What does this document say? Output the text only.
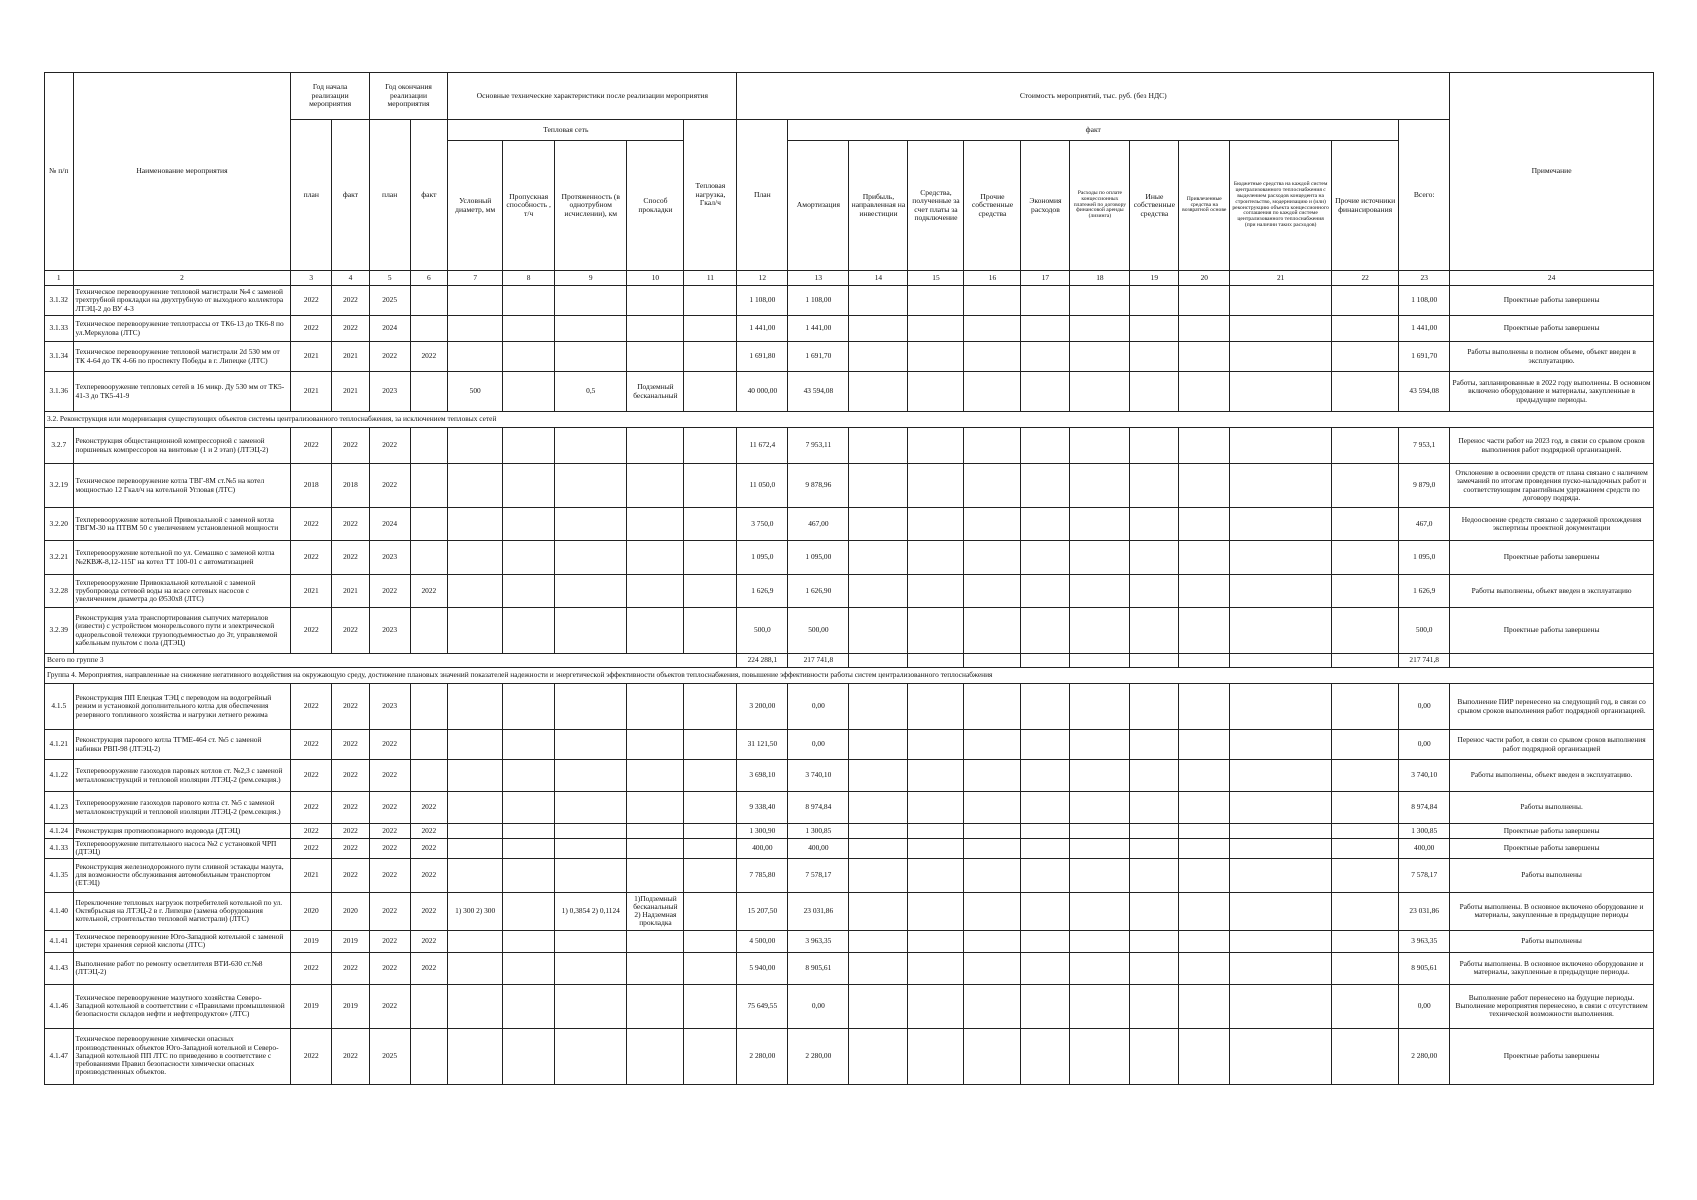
№ п/п	Наименование мероприятия	Год начала реализации мероприятия		Год окончания реализации мероприятия		Основные технические характеристики после реализации мероприятия					Стоимость мероприятий, тыс. руб. (без НДС)												Примечание
		план	факт	план	факт	Тепловая сеть				Тепловая нагрузка, Гкал/ч	План	факт										Всего:	
						Условный диаметр, мм	Пропускная способность , т/ч	Протяженность (в однотрубном исчислении), км	Способ прокладки			Амортизация	Прибыль, направленная на инвестиции	Средства, полученные за счет платы за подключение	Прочие собственные средства	Экономия расходов	Расходы по оплате концессионных платежей по договору финансовой аренды (лизинга)	Иные собственные средства	Привлеченные средства на возвратной основе	Бюджетные средства на каждой систем централизованного теплоснабжения с выделением расходов концедента на строительство, модернизацию и (или) реконструкцию объекта концессионного соглашения по каждой системе централизованного теплоснабжения (при наличии таких расходов)	Прочие источники финансирования		
1	2	3	4	5	6	7	8	9	10	11	12	13	14	15	16	17	18	19	20	21	22	23	24
3.1.32	Техническое перевооружение тепловой магистрали №4 с заменой трехтрубной прокладки на двухтрубную от выходного коллектора ЛТЭЦ-2 до ВУ 4-3	2022	2022	2025							1 108,00	1 108,00										1 108,00	Проектные работы завершены
3.1.33	Техническое перевооружение теплотрассы от ТК6-13 до ТК6-8 по ул.Меркулова (ЛТС)	2022	2022	2024							1 441,00	1 441,00										1 441,00	Проектные работы завершены
3.1.34	Техническое перевооружение тепловой магистрали 2d 530 мм от ТК 4-64 до ТК 4-66 по проспекту Победы в г. Липецке (ЛТС)	2021	2021	2022	2022						1 691,80	1 691,70										1 691,70	Работы выполнены в полном объеме, объект введен в эксплуатацию.
3.1.36	Техперевооружение тепловых сетей в 16 микр. Ду 530 мм от ТК5-41-3 до ТК5-41-9	2021	2021	2023		500		0,5	Подземный бесканальный		40 000,00	43 594,08										43 594,08	Работы, запланированные в 2022 году выполнены. В основном включено оборудование и материалы, закупленные в предыдущие периоды.
3.2. Реконструкция или модернизация существующих объектов системы централизованного теплоснабжения, за исключением тепловых сетей																							
3.2.7	Реконструкция общестанционной компрессорной с заменой поршневых компрессоров на винтовые (1 и 2 этап) (ЛТЭЦ-2)	2022	2022	2022							11 672,4	7 953,11										7 953,1	Перенос части работ на 2023 год, в связи со срывом сроков выполнения работ подрядной организацией.
3.2.19	Техническое перевооружение котла ТВГ-8М ст.№5 на котел мощностью 12 Гкал/ч на котельной Угловая (ЛТС)	2018	2018	2022							11 050,0	9 878,96										9 879,0	Отклонение в освоении средств от плана связано с наличием замечаний по итогам проведения пуско-наладочных работ и соответствующим гарантийным удержанием средств по договору подряда.
3.2.20	Техперевооружение котельной Привокзальной с заменой котла ТВГМ-30 на ПТВМ 50 с увеличением установленной мощности	2022	2022	2024							3 750,0	467,00										467,0	Недоосвоение средств связано с задержкой прохождения экспертизы проектной документации
3.2.21	Техперевооружение котельной по ул. Семашко с заменой котла №2КВЖ-8,12-115Г на котел ТТ 100-01 с автоматизацией	2022	2022	2023							1 095,0	1 095,00										1 095,0	Проектные работы завершены
3.2.28	Техперевооружение Привокзальной котельной с заменой трубопровода сетевой воды на всасе сетевых насосов с увеличением диаметра до Ø530х8 (ЛТС)	2021	2021	2022	2022						1 626,9	1 626,90										1 626,9	Работы выполнены, объект введен в эксплуатацию
3.2.39	Реконструкция узла транспортирования сыпучих материалов (извести) с устройством монорельсового пути и электрической однорельсовой тележки грузоподъемностью до 3т, управляемой кабельным пультом с пола (ДТЭЦ)	2022	2022	2023							500,0	500,00										500,0	Проектные работы завершены
Всего по группе 3											224 288,1	217 741,8										217 741,8	
Группа 4. Мероприятия, направленные на снижение негативного воздействия на окружающую среду, достижение плановых значений показателей надежности и энергетической эффективности объектов теплоснабжения, повышение эффективности работы систем централизованного теплоснабжения																							
4.1.5	Реконструкция ПП Елецкая ТЭЦ с переводом на водогрейный режим и установкой дополнительного котла для обеспечения резервного топливного хозяйства и нагрузки летнего режима	2022	2022	2023							3 200,00	0,00										0,00	Выполнение ПИР перенесено на следующий год, в связи со срывом сроков выполнения работ подрядной организацией.
4.1.21	Реконструкция парового котла ТГМЕ-464 ст. №5 с заменой набивки РВП-98 (ЛТЭЦ-2)	2022	2022	2022							31 121,50	0,00										0,00	Перенос части работ, в связи со срывом сроков выполнения работ подрядной организацией
4.1.22	Техперевооружение газоходов паровых котлов ст. №2,3 с заменой металлоконструкций и тепловой изоляции ЛТЭЦ-2 (рем.секция.)	2022	2022	2022							3 698,10	3 740,10										3 740,10	Работы выполнены, объект введен в эксплуатацию.
4.1.23	Техперевооружение газоходов парового котла ст. №5 с заменой металлоконструкций и тепловой изоляции ЛТЭЦ-2 (рем.секция.)	2022	2022	2022	2022						9 338,40	8 974,84										8 974,84	Работы выполнены.
4.1.24	Реконструкция противопожарного водовода (ДТЭЦ)	2022	2022	2022	2022						1 300,90	1 300,85										1 300,85	Проектные работы завершены
4.1.33	Техперевооружение питательного насоса №2 с установкой ЧРП (ДТЭЦ)	2022	2022	2022	2022						400,00	400,00										400,00	Проектные работы завершены
4.1.35	Реконструкция железнодорожного пути сливной эстакады мазута, для возможности обслуживания автомобильным транспортом (ЕТЭЦ)	2021	2022	2022	2022						7 785,80	7 578,17										7 578,17	Работы выполнены
4.1.40	Переключение тепловых нагрузок потребителей котельной по ул. Октябрьская на ЛТЭЦ-2 в г. Липецке (замена оборудования котельной, строительство тепловой магистрали) (ЛТС)	2020	2020	2022	2022	1) 300 2) 300		1) 0,3854 2) 0,1124	1)Подземный бесканальный 2) Надземная прокладка		15 207,50	23 031,86										23 031,86	Работы выполнены. В основное включено оборудование и материалы, закупленные в предыдущие периоды
4.1.41	Техническое перевооружение Юго-Западной котельной с заменой цистерн хранения серной кислоты (ЛТС)	2019	2019	2022	2022						4 500,00	3 963,35										3 963,35	Работы выполнены
4.1.43	Выполнение работ по ремонту осветлителя ВТИ-630 ст.№8 (ЛТЭЦ-2)	2022	2022	2022	2022						5 940,00	8 905,61										8 905,61	Работы выполнены. В основное включено оборудование и материалы, закупленные в предыдущие периоды.
4.1.46	Техническое перевооружение мазутного хозяйства Северо-Западной котельной в соответствии с «Правилами промышленной безопасности складов нефти и нефтепродуктов» (ЛТС)	2019	2019	2022							75 649,55	0,00										0,00	Выполнение работ перенесено на будущие периоды. Выполнение мероприятия перенесено, в связи с отсутствием технической возможности выполнения.
4.1.47	Техническое перевооружение химически опасных производственных объектов Юго-Западной котельной и Северо- Западной котельной ПП ЛТС по приведению в соответствие с требованиями Правил безопасности химически опасных производственных объектов.	2022	2022	2025							2 280,00	2 280,00										2 280,00	Проектные работы завершены
